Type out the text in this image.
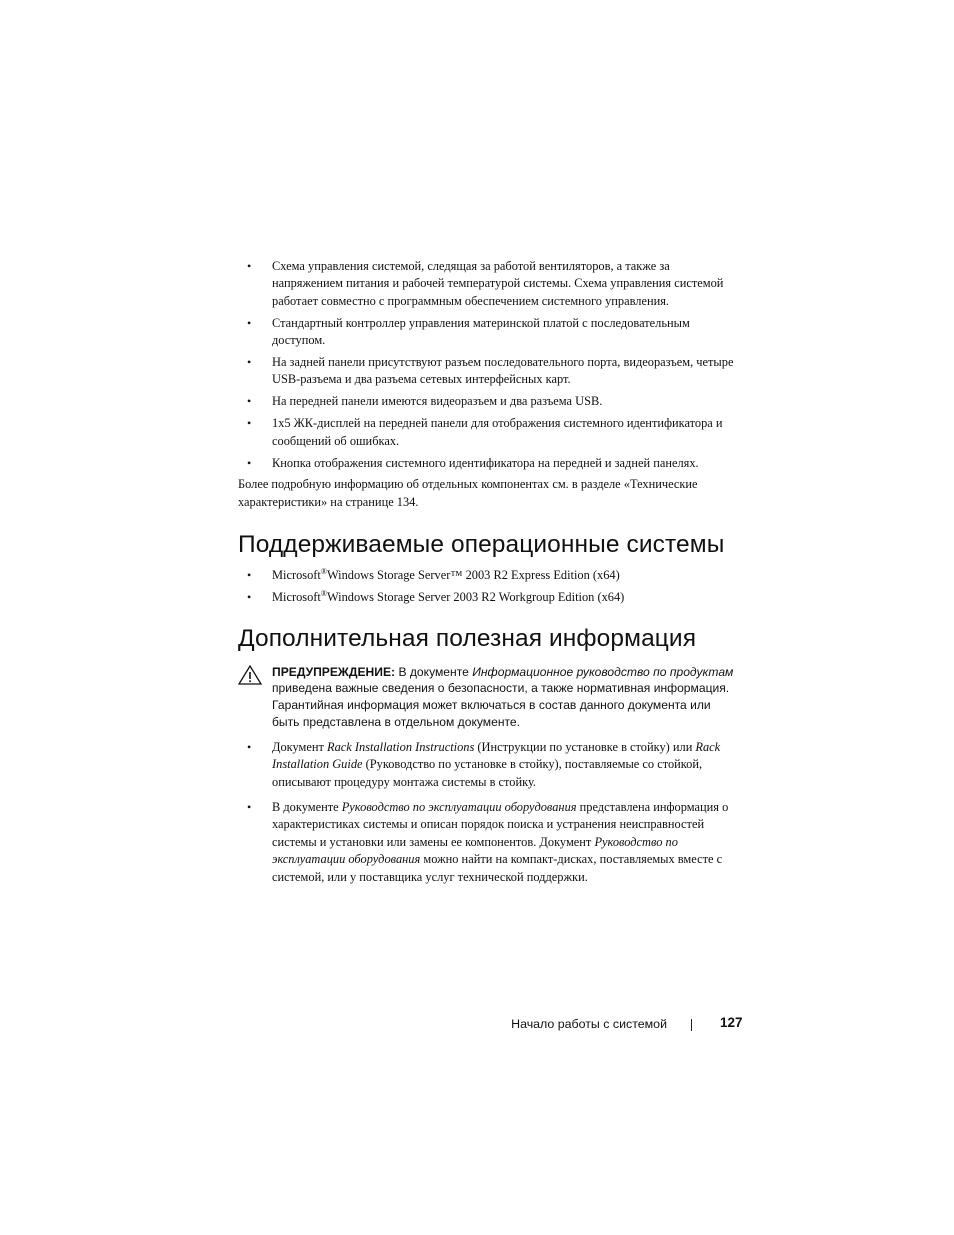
• Схема управления системой, следящая за работой вентиляторов, а также за напряжением питания и рабочей температурой системы. Схема управления системой работает совместно с программным обеспечением системного управления.
• Стандартный контроллер управления материнской платой с последовательным доступом.
• На задней панели присутствуют разъем последовательного порта, видеоразъем, четыре USB-разъема и два разъема сетевых интерфейсных карт.
• На передней панели имеются видеоразъем и два разъема USB.
• 1x5 ЖК-дисплей на передней панели для отображения системного идентификатора и сообщений об ошибках.
• Кнопка отображения системного идентификатора на передней и задней панелях.

Более подробную информацию об отдельных компонентах см. в разделе «Технические характеристики» на странице 134.

Поддерживаемые операционные системы
• Microsoft®Windows Storage Server™ 2003 R2 Express Edition (x64)
• Microsoft®Windows Storage Server 2003 R2 Workgroup Edition (x64)
Дополнительная полезная информация
ПРЕДУПРЕЖДЕНИЕ: В документе Информационное руководство по продуктам приведена важные сведения о безопасности, а также нормативная информация. Гарантийная информация может включаться в состав данного документа или быть представлена в отдельном документе.
• Документ Rack Installation Instructions (Инструкции по установке в стойку) или Rack Installation Guide (Руководство по установке в стойку), поставляемые со стойкой, описывают процедуру монтажа системы в стойку.
• В документе Руководство по эксплуатации оборудования представлена информация о характеристиках системы и описан порядок поиска и устранения неисправностей системы и установки или замены ее компонентов. Документ Руководство по эксплуатации оборудования можно найти на компакт-дисках, поставляемых вместе с системой, или у поставщика услуг технической поддержки.
Начало работы с системой	127
